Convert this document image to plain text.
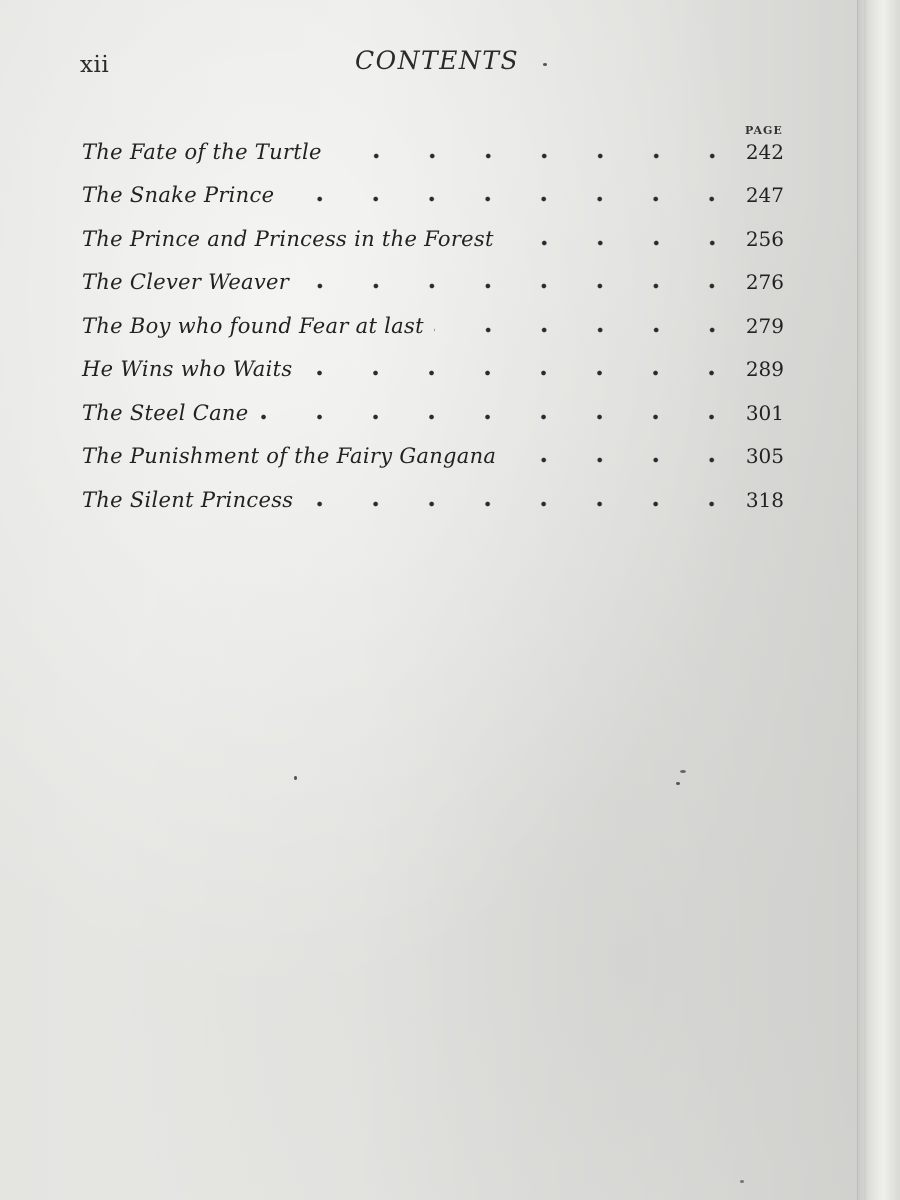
xii	CONTENTS
PAGE
The Fate of the Turtle	242
The Snake Prince	247
The Prince and Princess in the Forest	256
The Clever Weaver	276
The Boy who found Fear at last	279
He Wins who Waits	289
The Steel Cane	301
The Punishment of the Fairy Gangana	305
The Silent Princess	318
